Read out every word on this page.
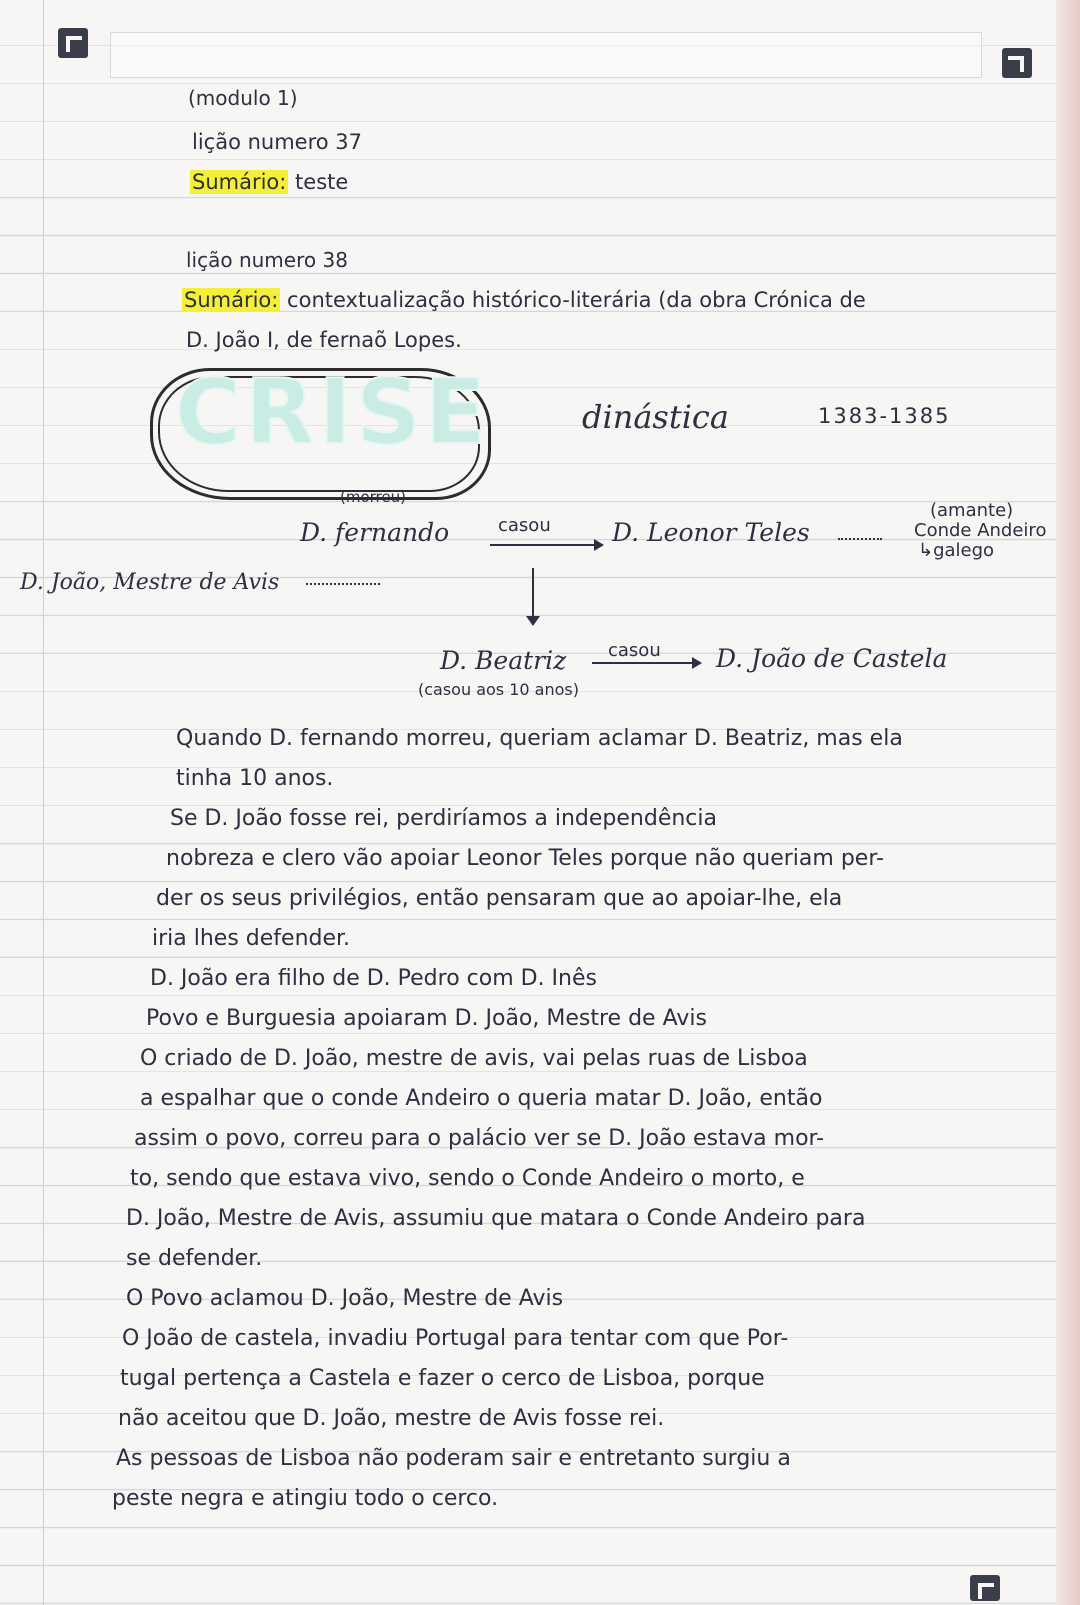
(modulo 1)
lição numero 37
Sumário: teste
lição numero 38
Sumário: contextualização histórico-literária (da obra Crónica de
D. João I, de fernaõ Lopes.
CRISE	dinástica	1383-1385
(morreu)
D. fernando	casou D. Leonor Teles
(amante)
Conde Andeiro
↳galego
D. João, Mestre de Avis
D. Beatriz casou D. João de Castela
(casou aos 10 anos)
Quando D. fernando morreu, queriam aclamar D. Beatriz, mas ela
tinha 10 anos.
Se D. João fosse rei, perdiríamos a independência
nobreza e clero vão apoiar Leonor Teles porque não queriam per-
der os seus privilégios, então pensaram que ao apoiar-lhe, ela
iria lhes defender.
D. João era filho de D. Pedro com D. Inês
Povo e Burguesia apoiaram D. João, Mestre de Avis
O criado de D. João, mestre de avis, vai pelas ruas de Lisboa
a espalhar que o conde Andeiro o queria matar D. João, então
assim o povo, correu para o palácio ver se D. João estava mor-
to, sendo que estava vivo, sendo o Conde Andeiro o morto, e
D. João, Mestre de Avis, assumiu que matara o Conde Andeiro para
se defender.
O Povo aclamou D. João, Mestre de Avis
O João de castela, invadiu Portugal para tentar com que Por-
tugal pertença a Castela e fazer o cerco de Lisboa, porque
não aceitou que D. João, mestre de Avis fosse rei.
As pessoas de Lisboa não poderam sair e entretanto surgiu a
peste negra e atingiu todo o cerco.
